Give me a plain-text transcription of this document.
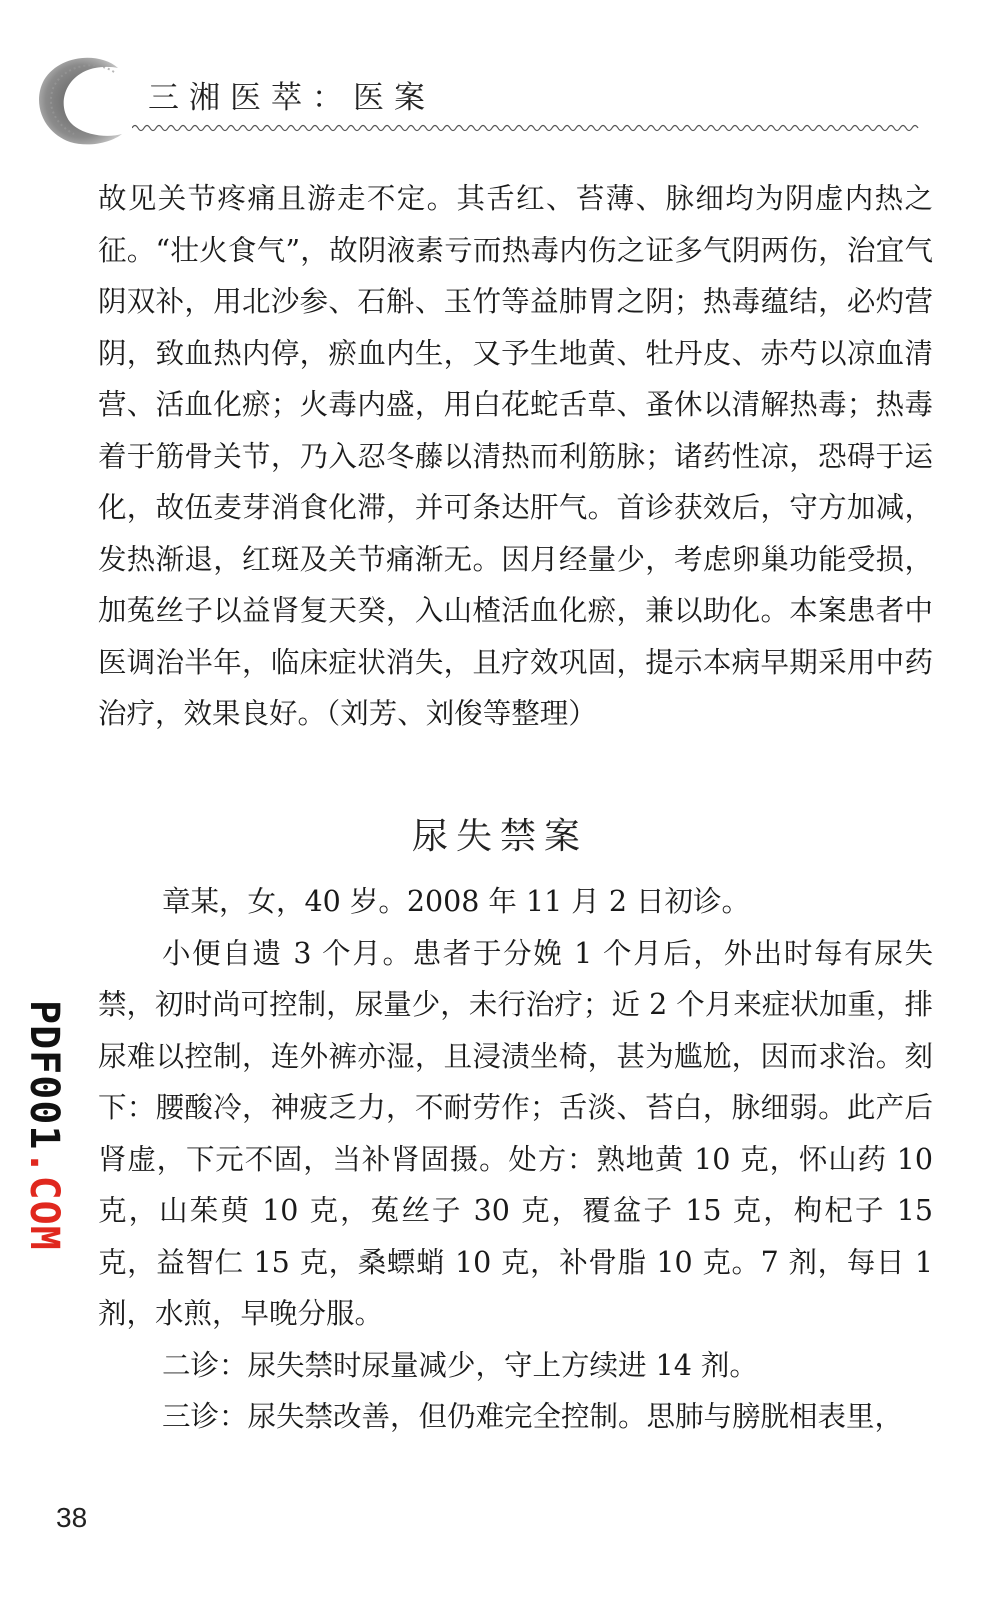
三湘医萃：医案

故见关节疼痛且游走不定。其舌红、苔薄、脉细均为阴虚内热之征。“壮火食气”，故阴液素亏而热毒内伤之证多气阴两伤，治宜气阴双补，用北沙参、石斛、玉竹等益肺胃之阴；热毒蕴结，必灼营阴，致血热内停，瘀血内生，又予生地黄、牡丹皮、赤芍以凉血清营、活血化瘀；火毒内盛，用白花蛇舌草、蚤休以清解热毒；热毒着于筋骨关节，乃入忍冬藤以清热而利筋脉；诸药性凉，恐碍于运化，故伍麦芽消食化滞，并可条达肝气。首诊获效后，守方加减，发热渐退，红斑及关节痛渐无。因月经量少，考虑卵巢功能受损，加菟丝子以益肾复天癸，入山楂活血化瘀，兼以助化。本案患者中医调治半年，临床症状消失，且疗效巩固，提示本病早期采用中药治疗，效果良好。（刘芳、刘俊等整理）

尿失禁案

章某，女，40 岁。2008 年 11 月 2 日初诊。

小便自遗 3 个月。患者于分娩 1 个月后，外出时每有尿失禁，初时尚可控制，尿量少，未行治疗；近 2 个月来症状加重，排尿难以控制，连外裤亦湿，且浸渍坐椅，甚为尴尬，因而求治。刻下：腰酸冷，神疲乏力，不耐劳作；舌淡、苔白，脉细弱。此产后肾虚，下元不固，当补肾固摄。处方：熟地黄 10 克，怀山药 10 克，山茱萸 10 克，菟丝子 30 克，覆盆子 15 克，枸杞子 15 克，益智仁 15 克，桑螵蛸 10 克，补骨脂 10 克。7 剂，每日 1 剂，水煎，早晚分服。

二诊：尿失禁时尿量减少，守上方续进 14 剂。

三诊：尿失禁改善，但仍难完全控制。思肺与膀胱相表里，

PDF001.COM
38
